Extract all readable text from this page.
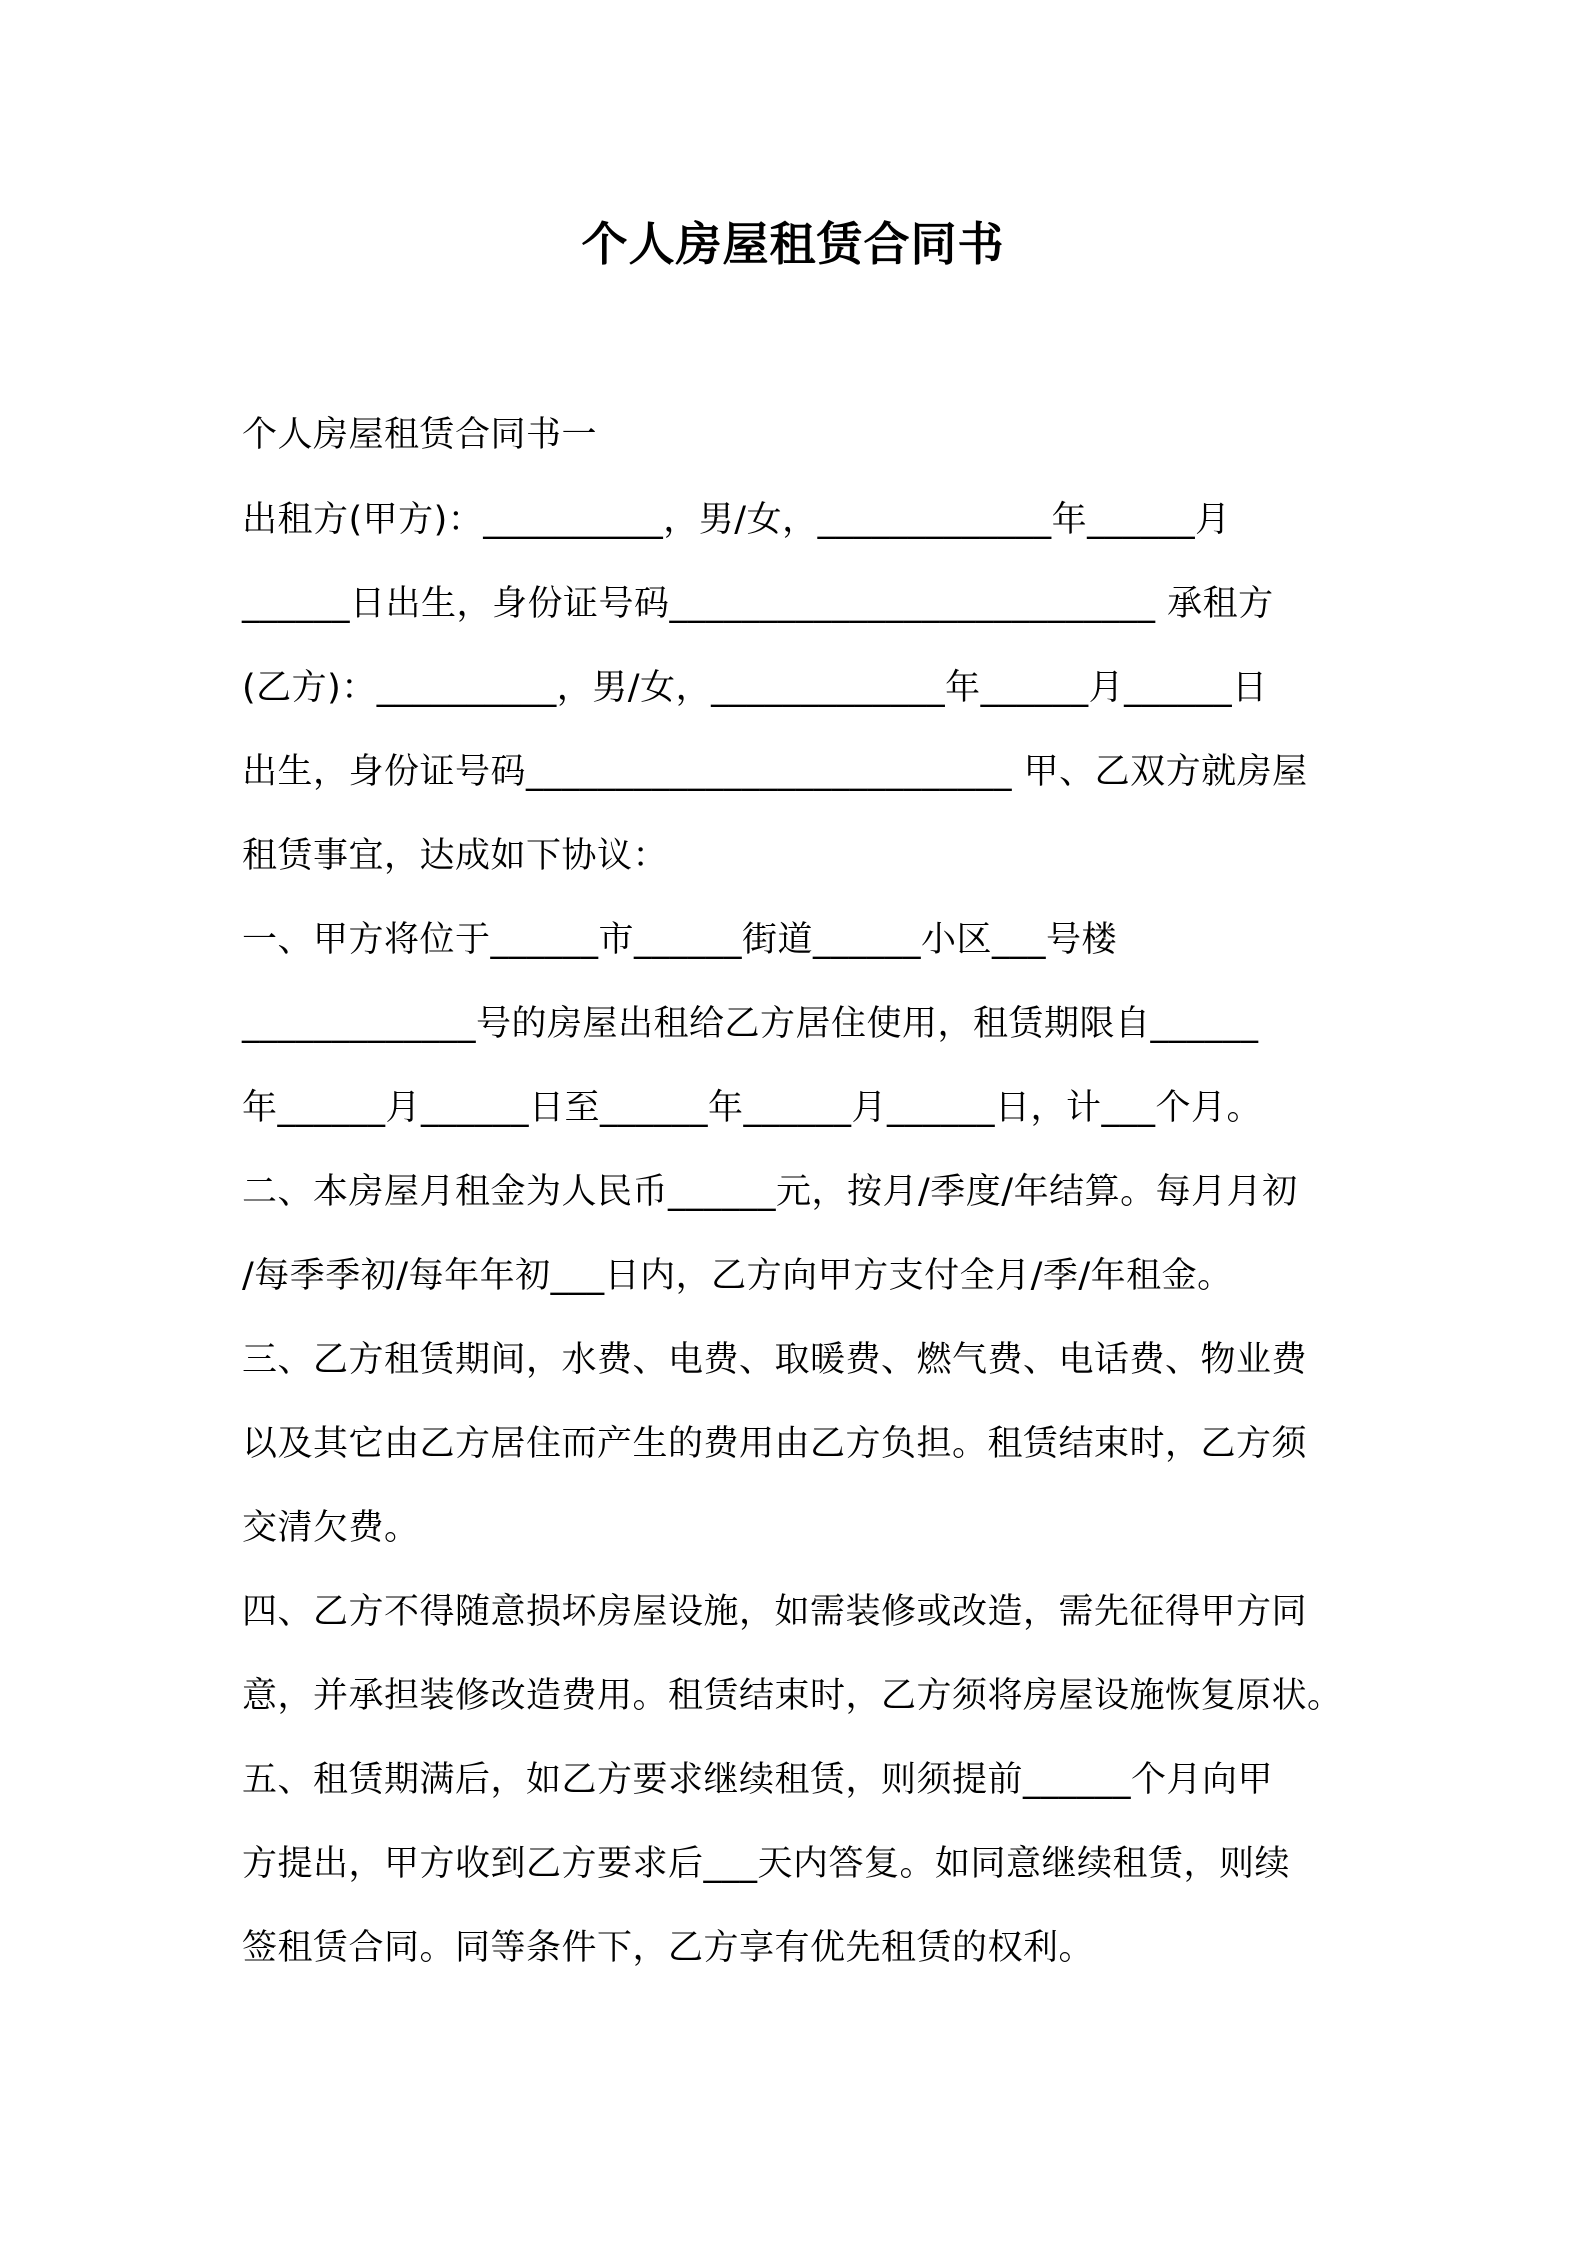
个人房屋租赁合同书
个人房屋租赁合同书一
出租方(甲方)：__________，男/女，_____________年______月
______日出生，身份证号码___________________________ 承租方
(乙方)：__________，男/女，_____________年______月______日
出生，身份证号码___________________________ 甲、乙双方就房屋
租赁事宜，达成如下协议：
一、甲方将位于______市______街道______小区___号楼
_____________号的房屋出租给乙方居住使用，租赁期限自______
年______月______日至______年______月______日，计___个月。
二、本房屋月租金为人民币______元，按月/季度/年结算。每月月初
/每季季初/每年年初___日内，乙方向甲方支付全月/季/年租金。
三、乙方租赁期间，水费、电费、取暖费、燃气费、电话费、物业费
以及其它由乙方居住而产生的费用由乙方负担。租赁结束时，乙方须
交清欠费。
四、乙方不得随意损坏房屋设施，如需装修或改造，需先征得甲方同
意，并承担装修改造费用。租赁结束时，乙方须将房屋设施恢复原状。
五、租赁期满后，如乙方要求继续租赁，则须提前______个月向甲
方提出，甲方收到乙方要求后___天内答复。如同意继续租赁，则续
签租赁合同。同等条件下，乙方享有优先租赁的权利。
